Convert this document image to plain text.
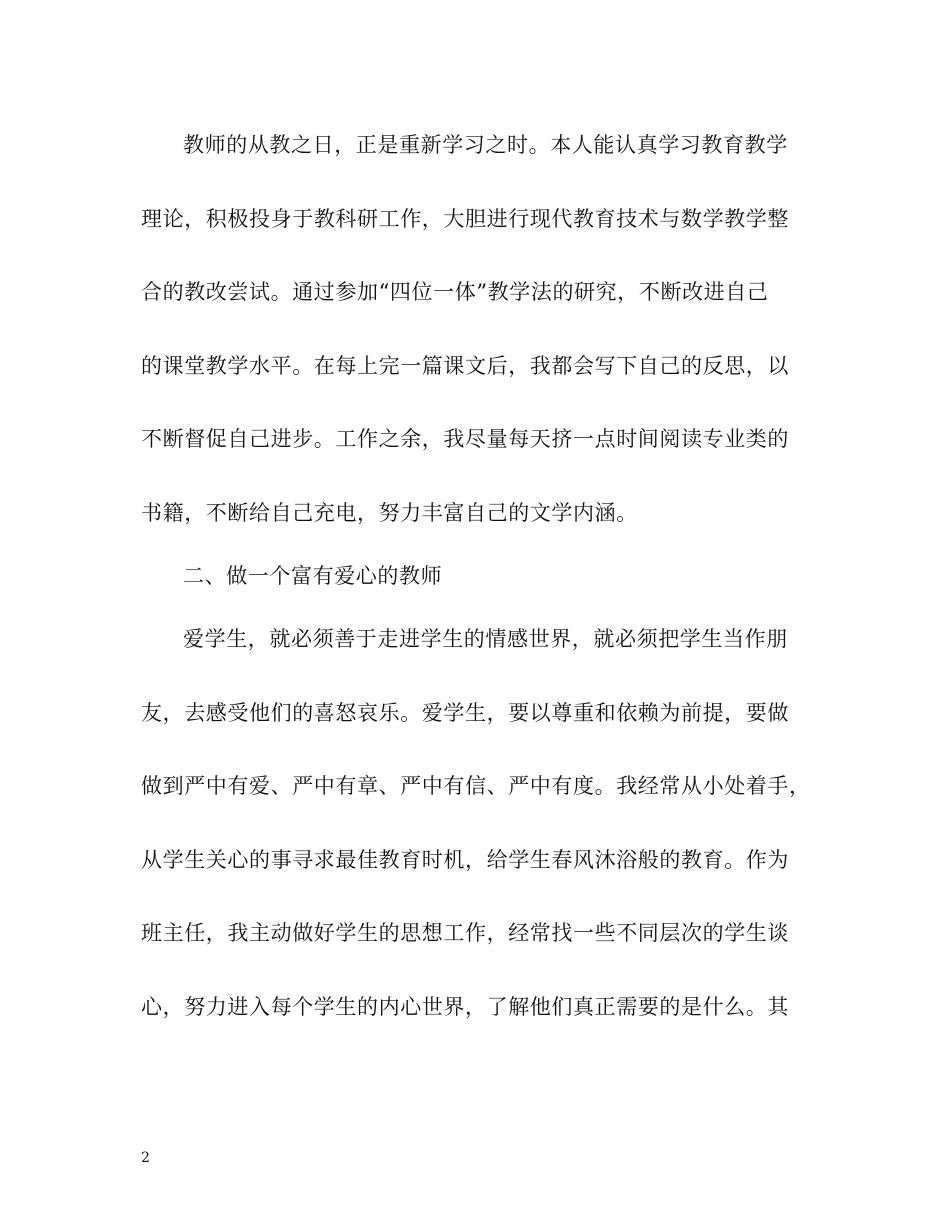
教师的从教之日，正是重新学习之时。本人能认真学习教育教学
理论，积极投身于教科研工作，大胆进行现代教育技术与数学教学整
合的教改尝试。通过参加“四位一体”教学法的研究，不断改进自己
的课堂教学水平。在每上完一篇课文后，我都会写下自己的反思，以
不断督促自己进步。工作之余，我尽量每天挤一点时间阅读专业类的
书籍，不断给自己充电，努力丰富自己的文学内涵。
二、做一个富有爱心的教师
爱学生，就必须善于走进学生的情感世界，就必须把学生当作朋
友，去感受他们的喜怒哀乐。爱学生，要以尊重和依赖为前提，要做
做到严中有爱、严中有章、严中有信、严中有度。我经常从小处着手，
从学生关心的事寻求最佳教育时机，给学生春风沐浴般的教育。作为
班主任，我主动做好学生的思想工作，经常找一些不同层次的学生谈
心，努力进入每个学生的内心世界，了解他们真正需要的是什么。其
2
